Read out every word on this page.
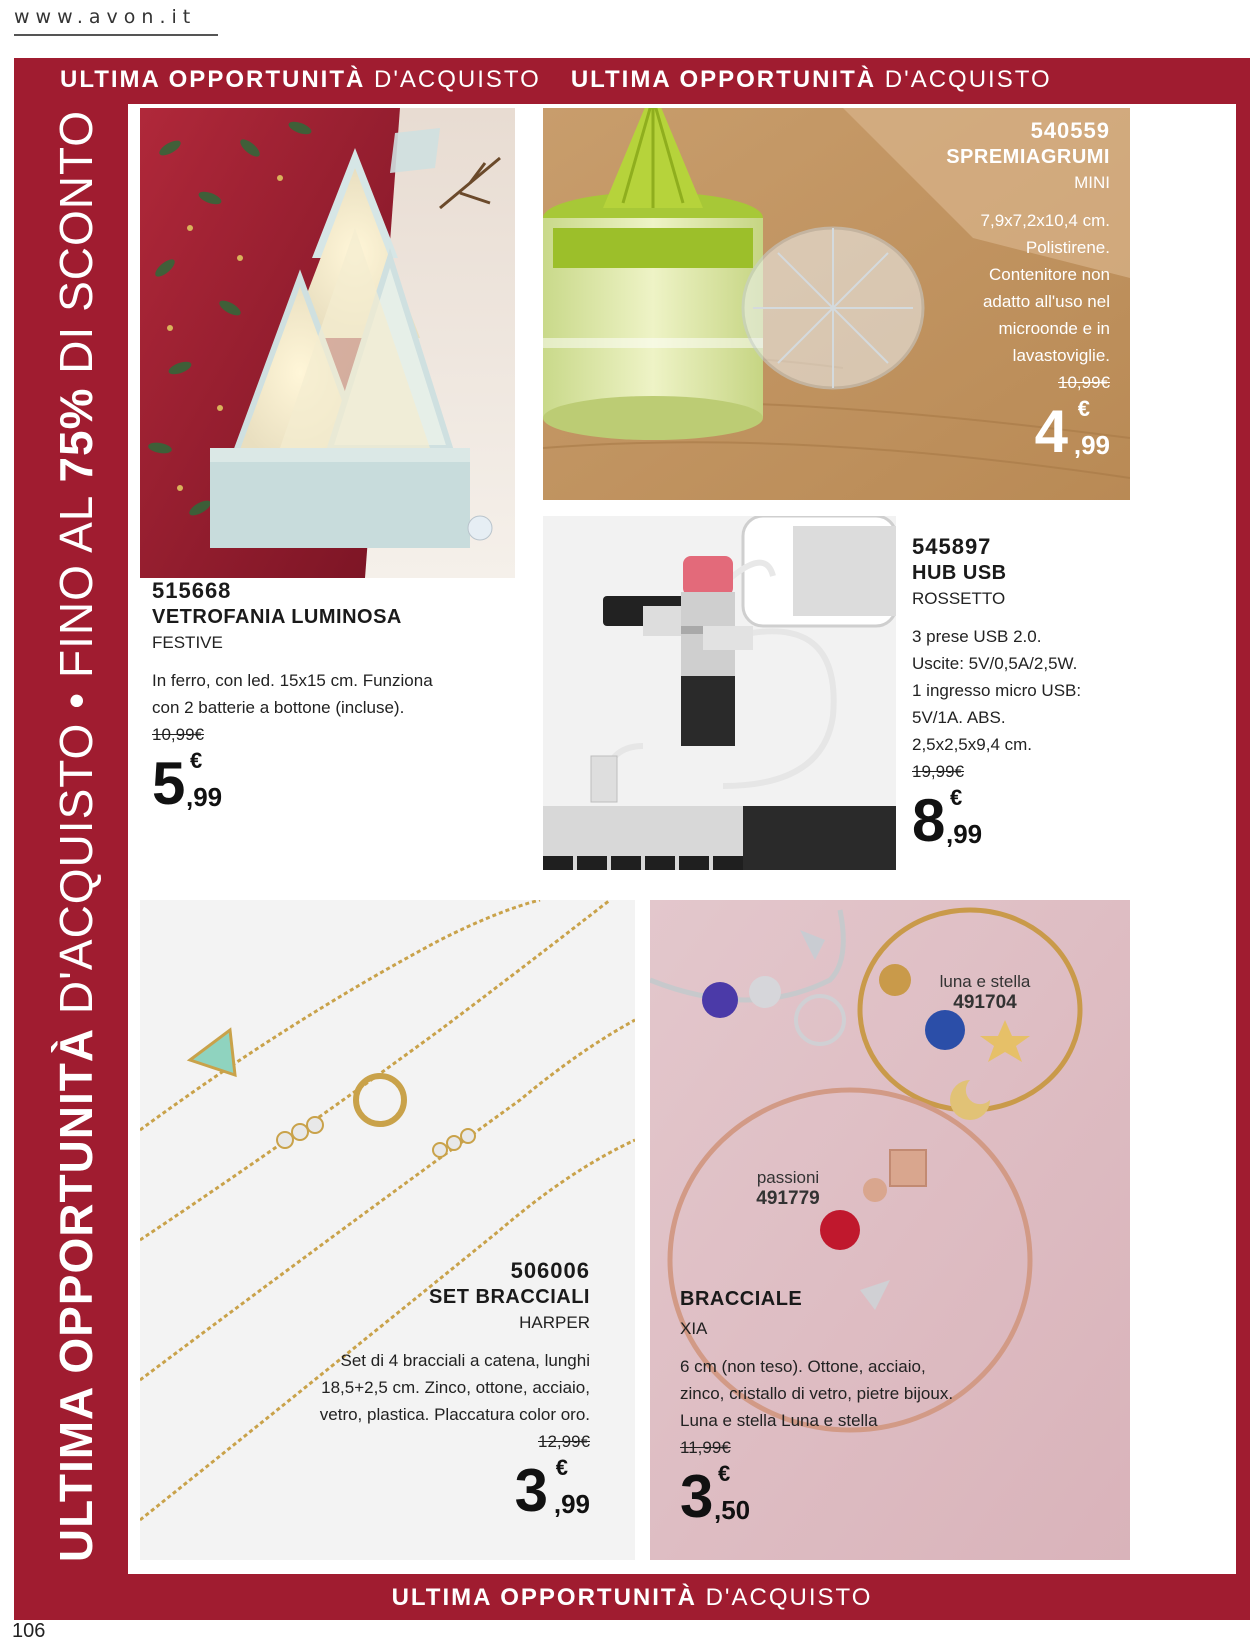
www.avon.it
ULTIMA OPPORTUNITÀ D'ACQUISTO ULTIMA OPPORTUNITÀ D'ACQUISTO
ULTIMA OPPORTUNITÀ D'ACQUISTO • FINO AL 75% DI SCONTO
ULTIMA OPPORTUNITÀ D'ACQUISTO
106
515668
VETROFANIA LUMINOSA
FESTIVE
In ferro, con led. 15x15 cm. Funziona
con 2 batterie a bottone (incluse).
10,99€
5 €
,99
540559
SPREMIAGRUMI
MINI
7,9x7,2x10,4 cm.
Polistirene.
Contenitore non
adatto all'uso nel
microonde e in
lavastoviglie.
10,99€
4 €
,99
545897
HUB USB
ROSSETTO
3 prese USB 2.0.
Uscite: 5V/0,5A/2,5W.
1 ingresso micro USB:
5V/1A. ABS.
2,5x2,5x9,4 cm.
19,99€
8 €
,99
506006
SET BRACCIALI
HARPER
Set di 4 bracciali a catena, lunghi
18,5+2,5 cm. Zinco, ottone, acciaio,
vetro, plastica. Placcatura color oro.
12,99€
3 €
,99
luna e stella
491704
passioni
491779
BRACCIALE
XIA
6 cm (non teso). Ottone, acciaio,
zinco, cristallo di vetro, pietre bijoux.
Luna e stella Luna e stella
11,99€
3 €
,50
